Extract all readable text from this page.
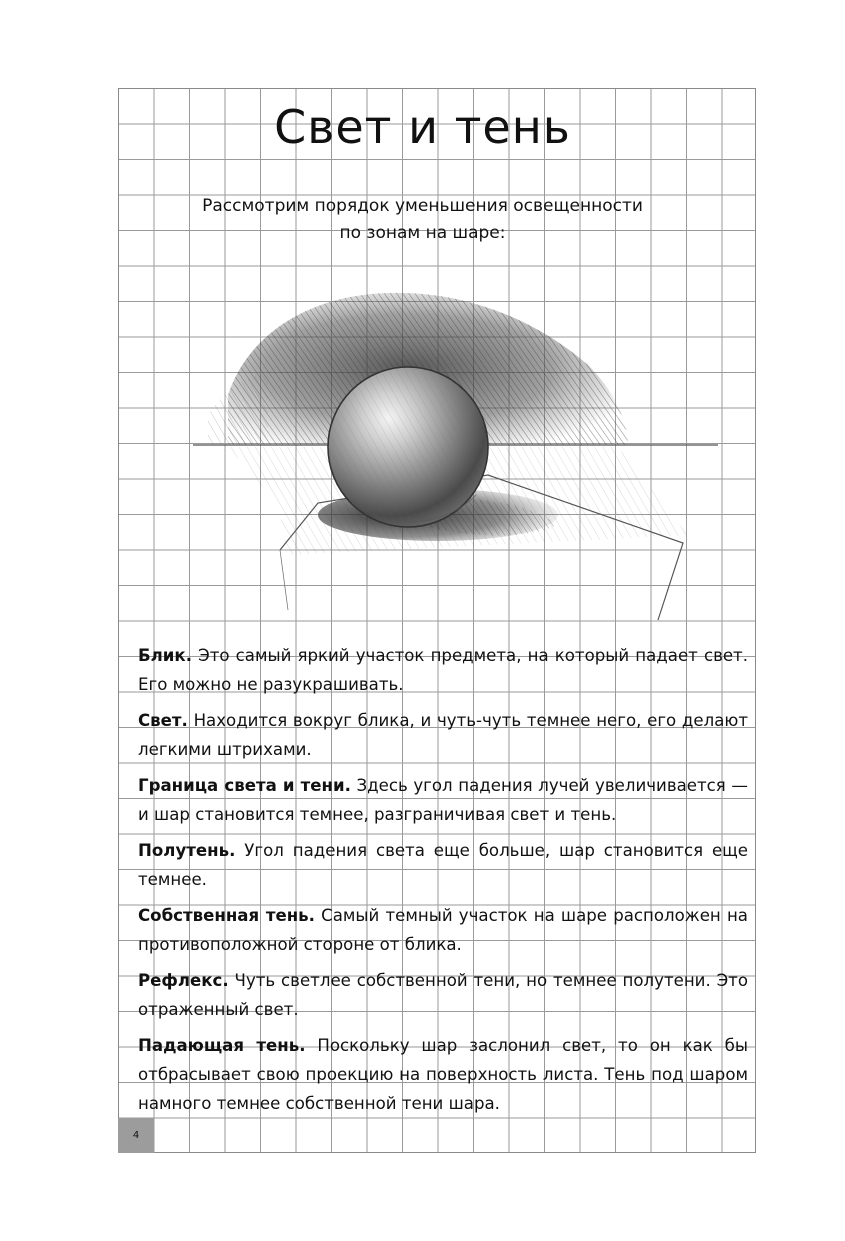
Свет и тень
Рассмотрим порядок уменьшения освещенности
по зонам на шаре:

Блик. Это самый яркий участок предмета, на который падает свет. Его можно не разукрашивать.

Свет. Находится вокруг блика, и чуть-чуть темнее него, его делают легкими штрихами.

Граница света и тени. Здесь угол падения лучей увеличивается — и шар становится темнее, разграничивая свет и тень.

Полутень. Угол падения света еще больше, шар становится еще темнее.

Собственная тень. Самый темный участок на шаре расположен на противоположной стороне от блика.

Рефлекс. Чуть светлее собственной тени, но темнее полутени. Это отраженный свет.

Падающая тень. Поскольку шар заслонил свет, то он как бы отбрасывает свою проекцию на поверхность листа. Тень под шаром намного темнее собственной тени шара.

4
